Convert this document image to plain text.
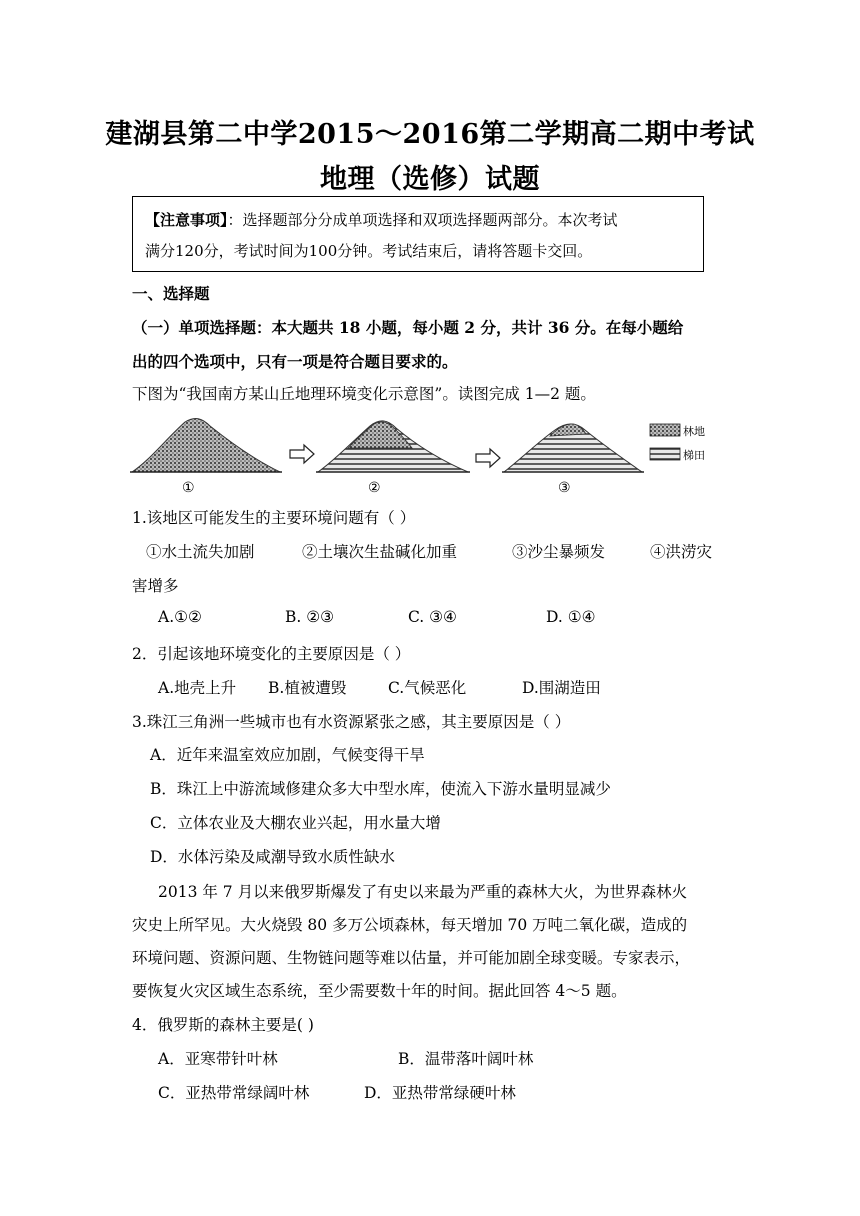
建湖县第二中学2015～2016第二学期高二期中考试
地理（选修）试题
【注意事项】：选择题部分分成单项选择和双项选择题两部分。本次考试
满分120分，考试时间为100分钟。考试结束后，请将答题卡交回。
一、选择题
（一）单项选择题：本大题共 18 小题，每小题 2 分，共计 36 分。在每小题给
出的四个选项中，只有一项是符合题目要求的。
下图为“我国南方某山丘地理环境变化示意图”。读图完成 1—2 题。
①	②	③
林地
梯田
1.该地区可能发生的主要环境问题有（ ）
①水土流失加剧	②土壤次生盐碱化加重	③沙尘暴频发	④洪涝灾
害增多
A.①②	B. ②③	C. ③④	D. ①④
2．引起该地环境变化的主要原因是（ ）
A.地壳上升 B.植被遭毁	C.气候恶化	D.围湖造田
3.珠江三角洲一些城市也有水资源紧张之感，其主要原因是（ ）
A．近年来温室效应加剧，气候变得干旱
B．珠江上中游流域修建众多大中型水库，使流入下游水量明显减少
C．立体农业及大棚农业兴起，用水量大增
D．水体污染及咸潮导致水质性缺水
2013 年 7 月以来俄罗斯爆发了有史以来最为严重的森林大火，为世界森林火
灾史上所罕见。大火烧毁 80 多万公顷森林，每天增加 70 万吨二氧化碳，造成的
环境问题、资源问题、生物链问题等难以估量，并可能加剧全球变暖。专家表示，
要恢复火灾区域生态系统，至少需要数十年的时间。据此回答 4～5 题。
4．俄罗斯的森林主要是( )
A．亚寒带针叶林	B．温带落叶阔叶林
C．亚热带常绿阔叶林	D．亚热带常绿硬叶林
